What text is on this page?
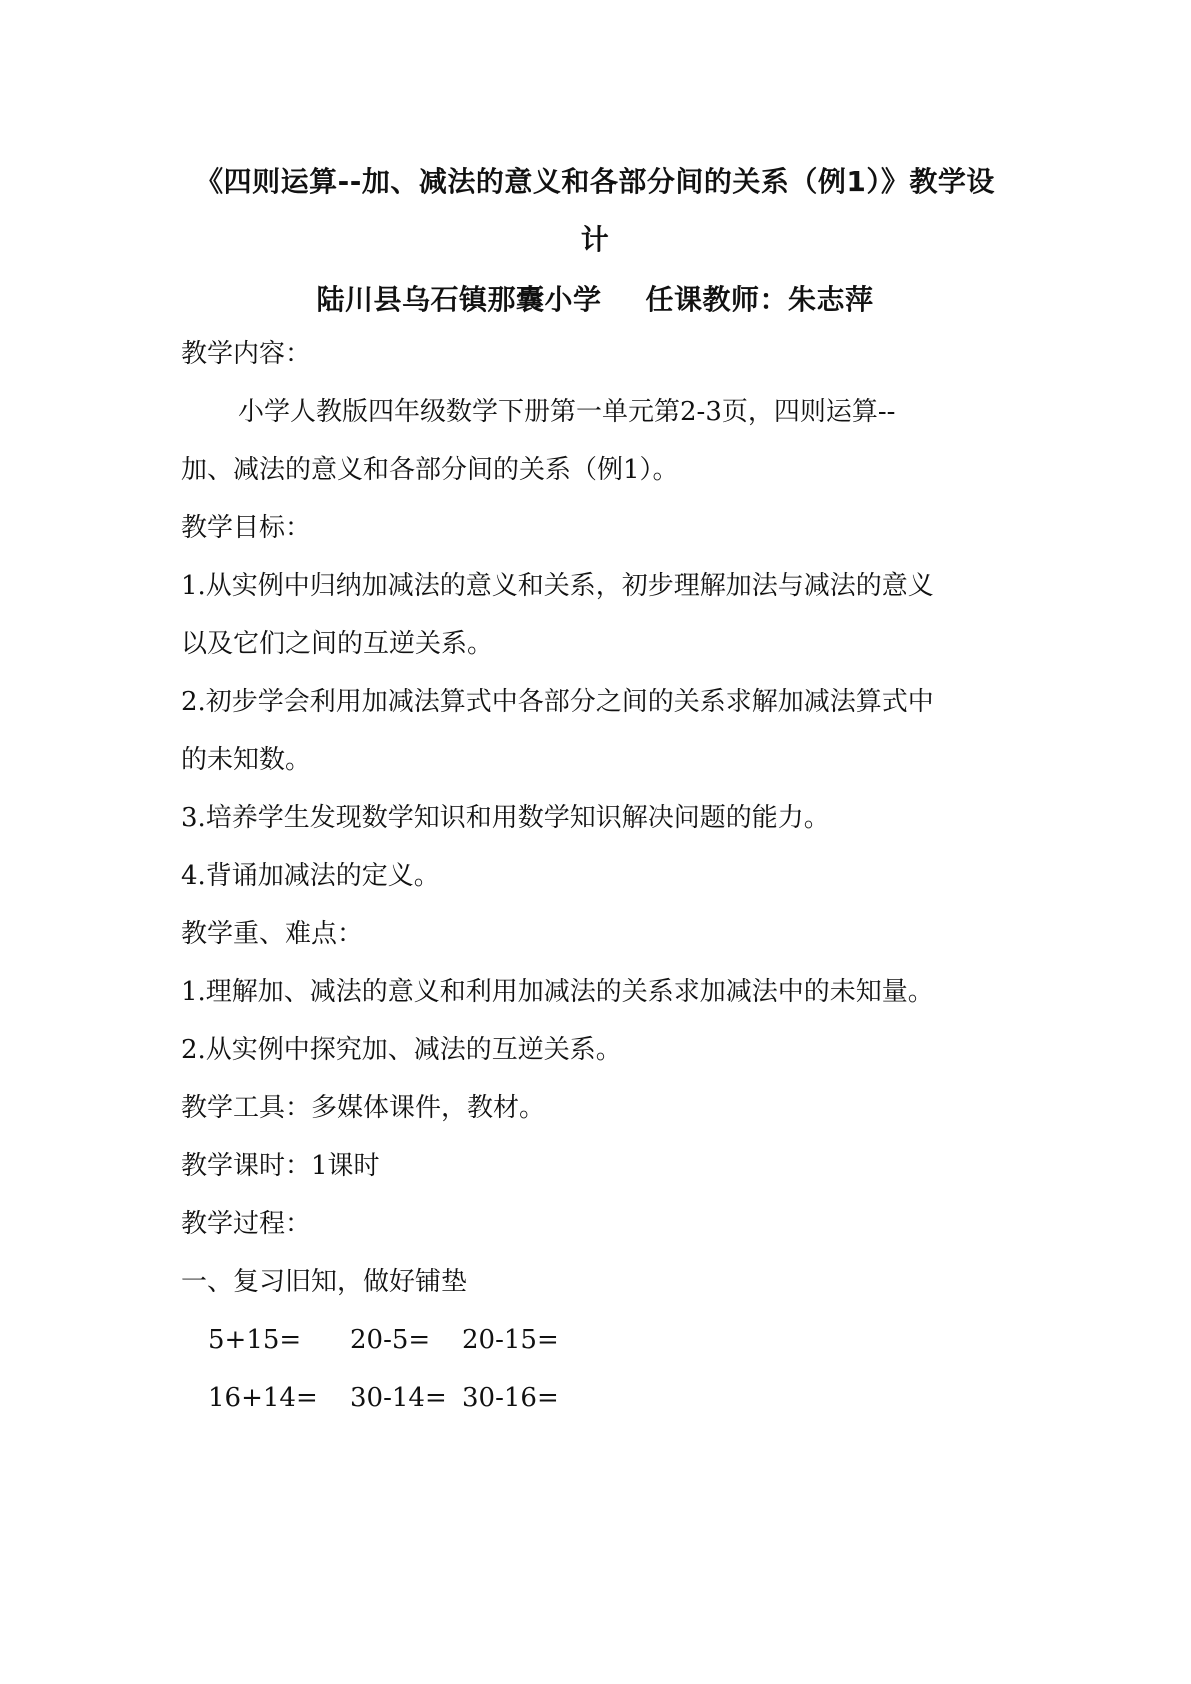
《四则运算--加、减法的意义和各部分间的关系（例1）》教学设

计

陆川县乌石镇那囊小学 任课教师：朱志萍

教学内容：

小学人教版四年级数学下册第一单元第2-3页，四则运算--

加、减法的意义和各部分间的关系（例1）。

教学目标：

1.从实例中归纳加减法的意义和关系，初步理解加法与减法的意义

以及它们之间的互逆关系。

2.初步学会利用加减法算式中各部分之间的关系求解加减法算式中

的未知数。

3.培养学生发现数学知识和用数学知识解决问题的能力。

4.背诵加减法的定义。

教学重、难点：

1.理解加、减法的意义和利用加减法的关系求加减法中的未知量。

2.从实例中探究加、减法的互逆关系。

教学工具：多媒体课件，教材。

教学课时：1课时

教学过程：

一、复习旧知，做好铺垫

5+15= 20-5= 20-15=
16+14= 30-14= 30-16=
